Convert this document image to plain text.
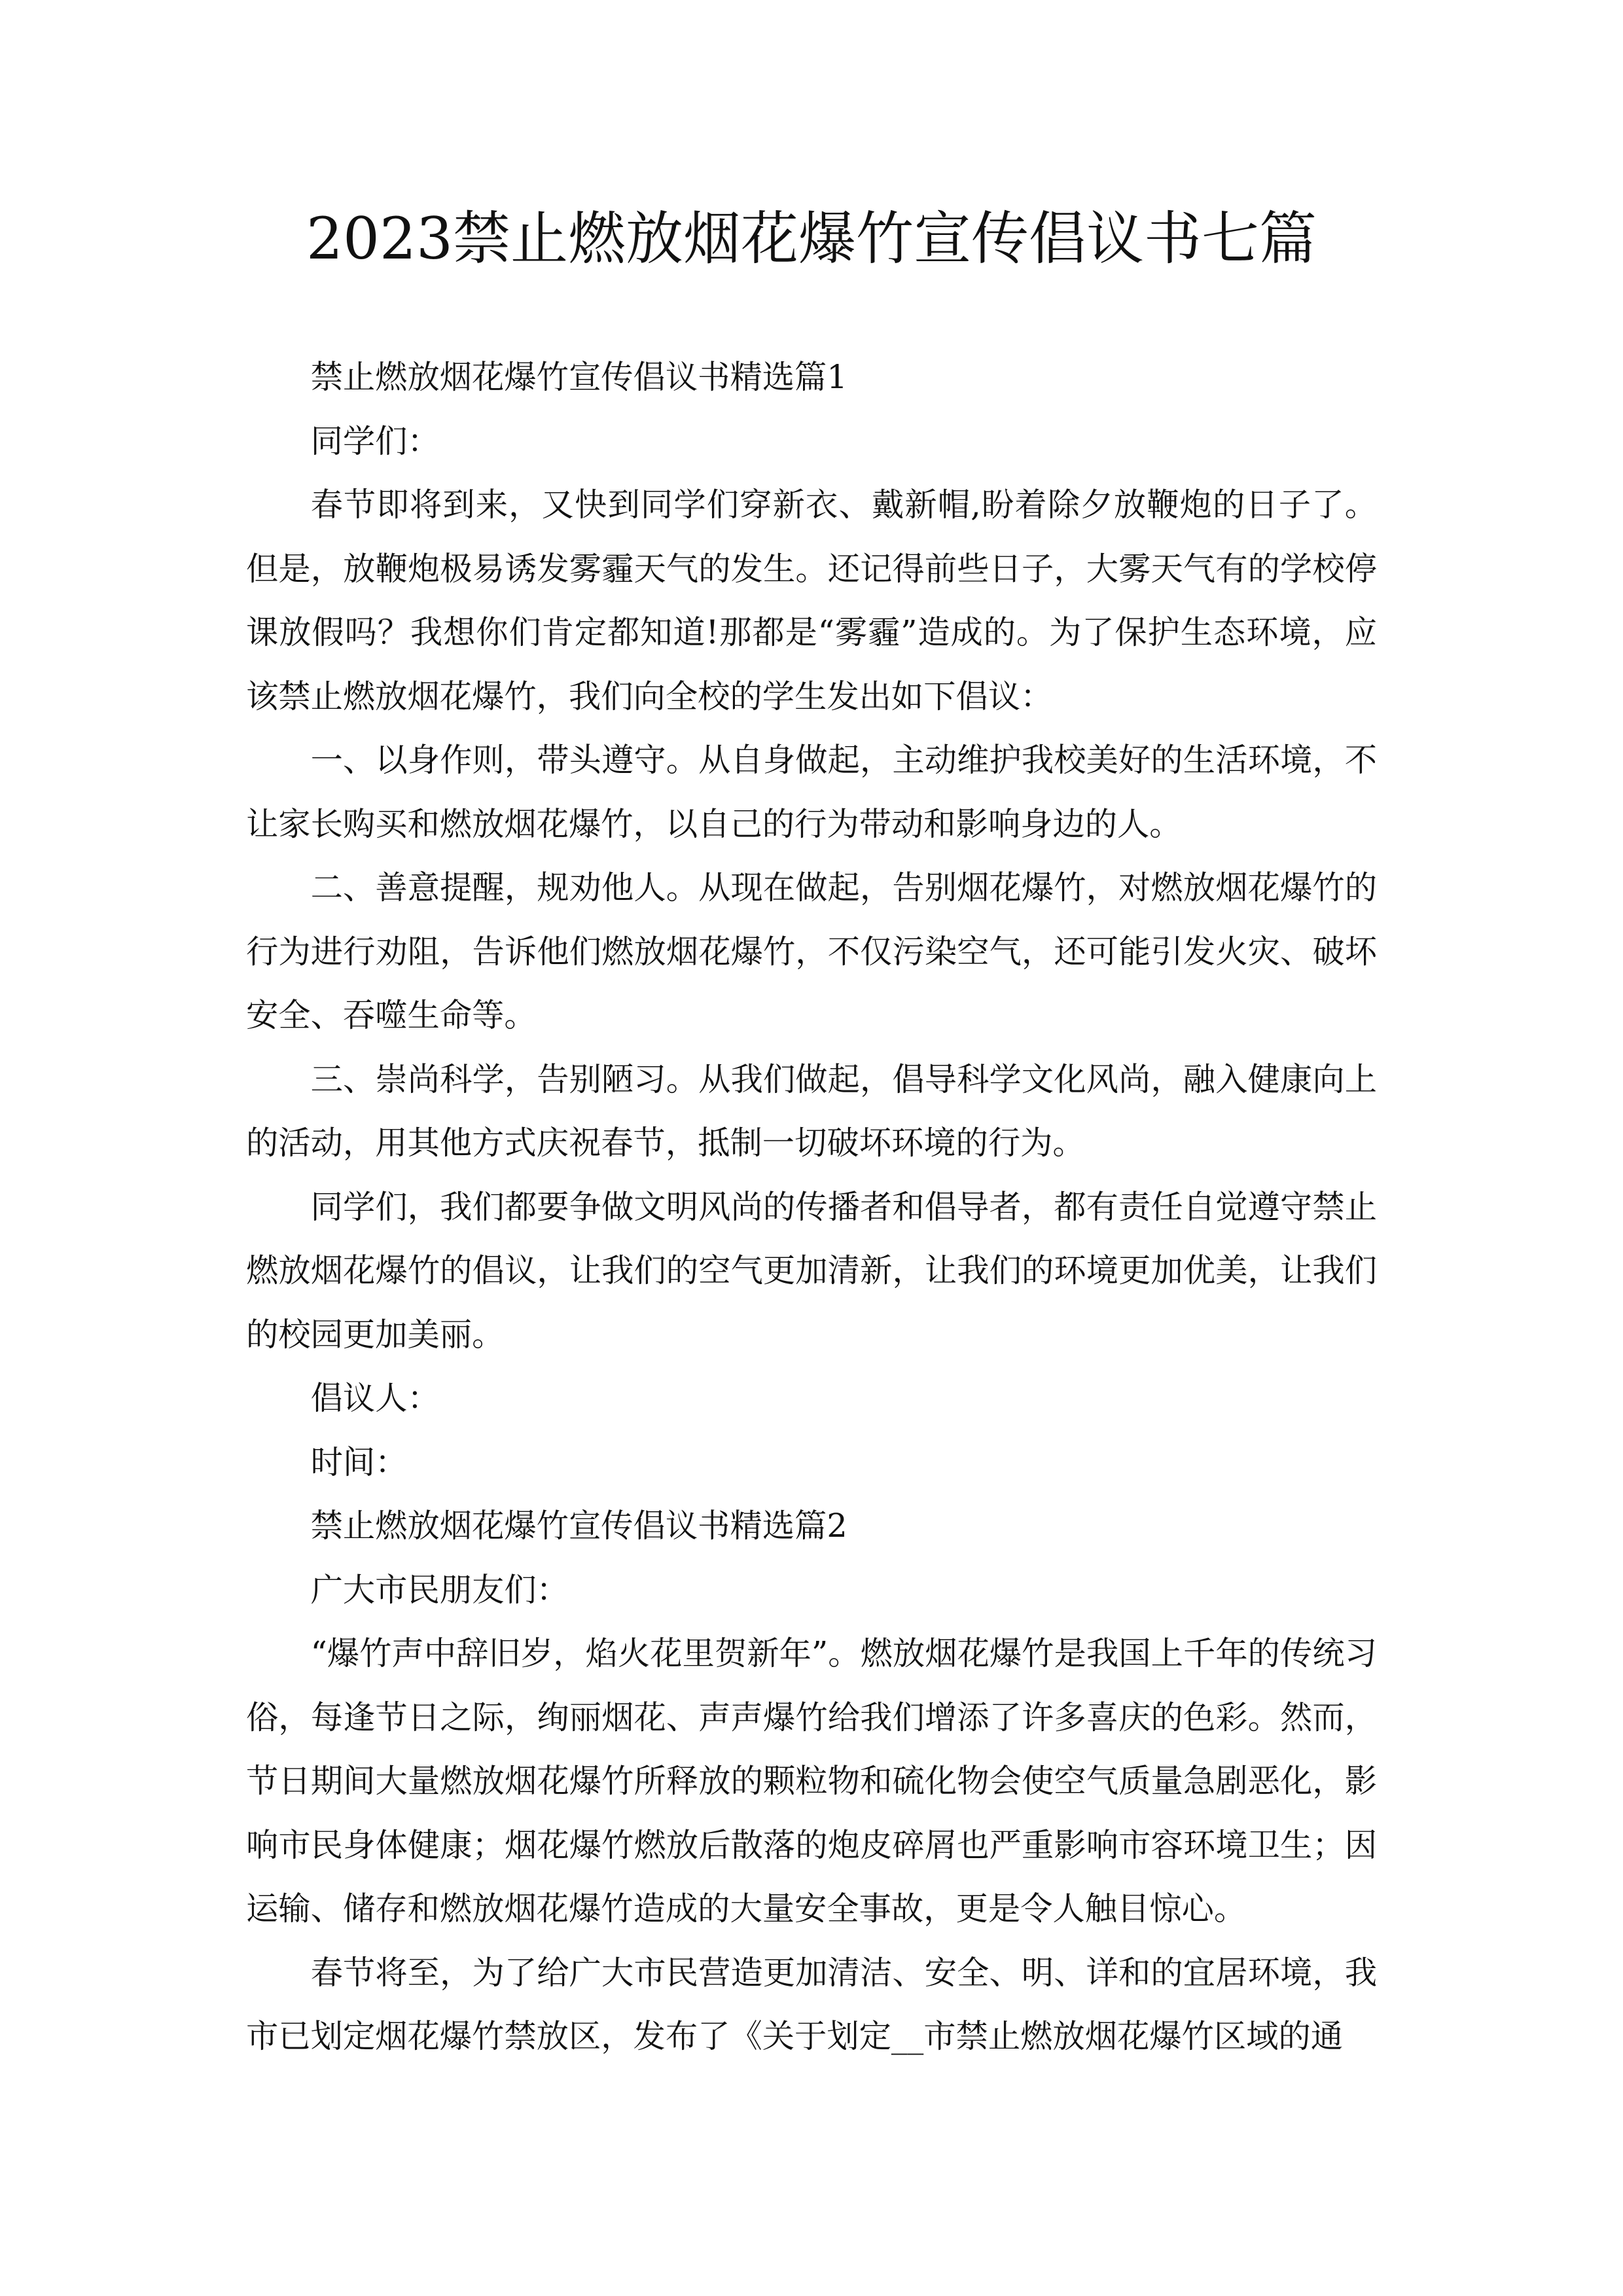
2023禁止燃放烟花爆竹宣传倡议书七篇

禁止燃放烟花爆竹宣传倡议书精选篇1

同学们：

春节即将到来，又快到同学们穿新衣、戴新帽,盼着除夕放鞭炮的日子了。但是，放鞭炮极易诱发雾霾天气的发生。还记得前些日子，大雾天气有的学校停课放假吗？我想你们肯定都知道!那都是“雾霾”造成的。为了保护生态环境，应该禁止燃放烟花爆竹，我们向全校的学生发出如下倡议：

一、以身作则，带头遵守。从自身做起，主动维护我校美好的生活环境，不让家长购买和燃放烟花爆竹，以自己的行为带动和影响身边的人。

二、善意提醒，规劝他人。从现在做起，告别烟花爆竹，对燃放烟花爆竹的行为进行劝阻，告诉他们燃放烟花爆竹，不仅污染空气，还可能引发火灾、破坏安全、吞噬生命等。

三、崇尚科学，告别陋习。从我们做起，倡导科学文化风尚，融入健康向上的活动，用其他方式庆祝春节，抵制一切破坏环境的行为。

同学们，我们都要争做文明风尚的传播者和倡导者，都有责任自觉遵守禁止燃放烟花爆竹的倡议，让我们的空气更加清新，让我们的环境更加优美，让我们的校园更加美丽。

倡议人：

时间：

禁止燃放烟花爆竹宣传倡议书精选篇2

广大市民朋友们：

“爆竹声中辞旧岁，焰火花里贺新年”。燃放烟花爆竹是我国上千年的传统习俗，每逢节日之际，绚丽烟花、声声爆竹给我们增添了许多喜庆的色彩。然而，节日期间大量燃放烟花爆竹所释放的颗粒物和硫化物会使空气质量急剧恶化，影响市民身体健康；烟花爆竹燃放后散落的炮皮碎屑也严重影响市容环境卫生；因运输、储存和燃放烟花爆竹造成的大量安全事故，更是令人触目惊心。

春节将至，为了给广大市民营造更加清洁、安全、明、详和的宜居环境，我市已划定烟花爆竹禁放区，发布了《关于划定__市禁止燃放烟花爆竹区域的通
